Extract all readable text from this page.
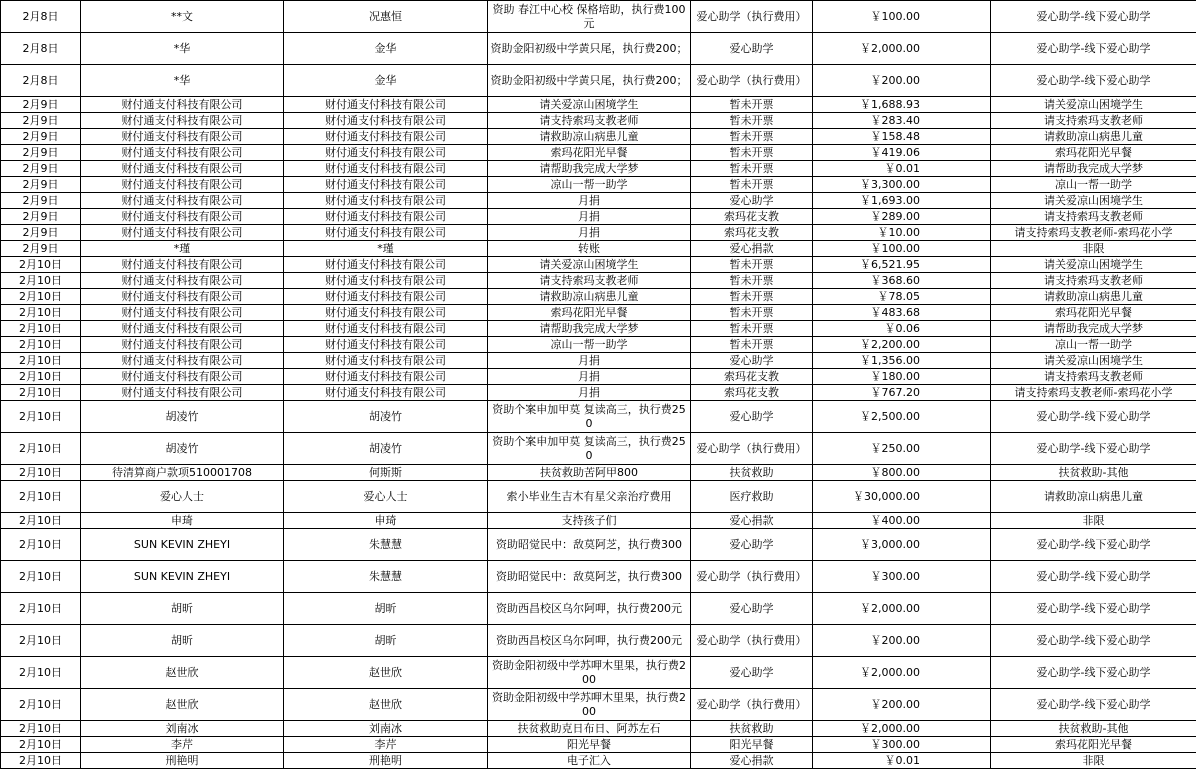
2月8日	**文	况惠恒	资助 春江中心校 保格培助，执行费100元	爱心助学（执行费用）	￥100.00	爱心助学-线下爱心助学
2月8日	*华	金华	资助金阳初级中学黄只尾，执行费200；	爱心助学	￥2,000.00	爱心助学-线下爱心助学
2月8日	*华	金华	资助金阳初级中学黄只尾，执行费200；	爱心助学（执行费用）	￥200.00	爱心助学-线下爱心助学
2月9日	财付通支付科技有限公司	财付通支付科技有限公司	请关爱凉山困境学生	暂未开票	￥1,688.93	请关爱凉山困境学生
2月9日	财付通支付科技有限公司	财付通支付科技有限公司	请支持索玛支教老师	暂未开票	￥283.40	请支持索玛支教老师
2月9日	财付通支付科技有限公司	财付通支付科技有限公司	请救助凉山病患儿童	暂未开票	￥158.48	请救助凉山病患儿童
2月9日	财付通支付科技有限公司	财付通支付科技有限公司	索玛花阳光早餐	暂未开票	￥419.06	索玛花阳光早餐
2月9日	财付通支付科技有限公司	财付通支付科技有限公司	请帮助我完成大学梦	暂未开票	￥0.01	请帮助我完成大学梦
2月9日	财付通支付科技有限公司	财付通支付科技有限公司	凉山一帮一助学	暂未开票	￥3,300.00	凉山一帮一助学
2月9日	财付通支付科技有限公司	财付通支付科技有限公司	月捐	爱心助学	￥1,693.00	请关爱凉山困境学生
2月9日	财付通支付科技有限公司	财付通支付科技有限公司	月捐	索玛花支教	￥289.00	请支持索玛支教老师
2月9日	财付通支付科技有限公司	财付通支付科技有限公司	月捐	索玛花支教	￥10.00	请支持索玛支教老师-索玛花小学
2月9日	*瑾	*瑾	转账	爱心捐款	￥100.00	非限
2月10日	财付通支付科技有限公司	财付通支付科技有限公司	请关爱凉山困境学生	暂未开票	￥6,521.95	请关爱凉山困境学生
2月10日	财付通支付科技有限公司	财付通支付科技有限公司	请支持索玛支教老师	暂未开票	￥368.60	请支持索玛支教老师
2月10日	财付通支付科技有限公司	财付通支付科技有限公司	请救助凉山病患儿童	暂未开票	￥78.05	请救助凉山病患儿童
2月10日	财付通支付科技有限公司	财付通支付科技有限公司	索玛花阳光早餐	暂未开票	￥483.68	索玛花阳光早餐
2月10日	财付通支付科技有限公司	财付通支付科技有限公司	请帮助我完成大学梦	暂未开票	￥0.06	请帮助我完成大学梦
2月10日	财付通支付科技有限公司	财付通支付科技有限公司	凉山一帮一助学	暂未开票	￥2,200.00	凉山一帮一助学
2月10日	财付通支付科技有限公司	财付通支付科技有限公司	月捐	爱心助学	￥1,356.00	请关爱凉山困境学生
2月10日	财付通支付科技有限公司	财付通支付科技有限公司	月捐	索玛花支教	￥180.00	请支持索玛支教老师
2月10日	财付通支付科技有限公司	财付通支付科技有限公司	月捐	索玛花支教	￥767.20	请支持索玛支教老师-索玛花小学
2月10日	胡凌竹	胡凌竹	资助个案申加甲莫 复读高三，执行费250	爱心助学	￥2,500.00	爱心助学-线下爱心助学
2月10日	胡凌竹	胡凌竹	资助个案申加甲莫 复读高三，执行费250	爱心助学（执行费用）	￥250.00	爱心助学-线下爱心助学
2月10日	待清算商户款项510001708	何斯斯	扶贫救助苦阿甲800	扶贫救助	￥800.00	扶贫救助-其他
2月10日	爱心人士	爱心人士	索小毕业生吉木有星父亲治疗费用	医疗救助	￥30,000.00	请救助凉山病患儿童
2月10日	申琦	申琦	支持孩子们	爱心捐款	￥400.00	非限
2月10日	SUN KEVIN ZHEYI	朱慧慧	资助昭觉民中：敌莫阿芝，执行费300	爱心助学	￥3,000.00	爱心助学-线下爱心助学
2月10日	SUN KEVIN ZHEYI	朱慧慧	资助昭觉民中：敌莫阿芝，执行费300	爱心助学（执行费用）	￥300.00	爱心助学-线下爱心助学
2月10日	胡昕	胡昕	资助西昌校区乌尔阿呷，执行费200元	爱心助学	￥2,000.00	爱心助学-线下爱心助学
2月10日	胡昕	胡昕	资助西昌校区乌尔阿呷，执行费200元	爱心助学（执行费用）	￥200.00	爱心助学-线下爱心助学
2月10日	赵世欣	赵世欣	资助金阳初级中学苏呷木里果，执行费200	爱心助学	￥2,000.00	爱心助学-线下爱心助学
2月10日	赵世欣	赵世欣	资助金阳初级中学苏呷木里果，执行费200	爱心助学（执行费用）	￥200.00	爱心助学-线下爱心助学
2月10日	刘南冰	刘南冰	扶贫救助克日布日、阿苏左石	扶贫救助	￥2,000.00	扶贫救助-其他
2月10日	李芹	李芹	阳光早餐	阳光早餐	￥300.00	索玛花阳光早餐
2月10日	刑艳明	刑艳明	电子汇入	爱心捐款	￥0.01	非限
